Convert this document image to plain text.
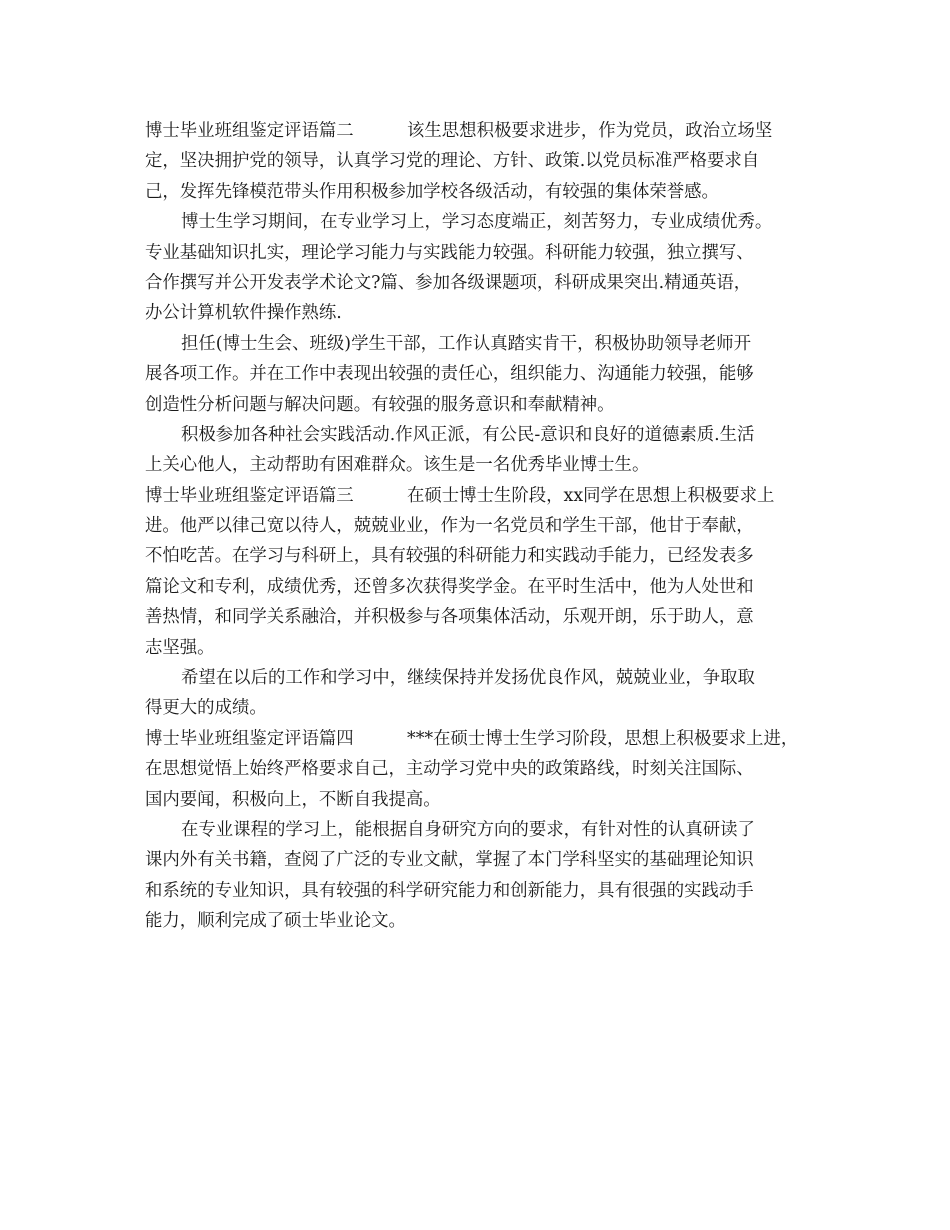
博士毕业班组鉴定评语篇二	该生思想积极要求进步，作为党员，政治立场坚
定，坚决拥护党的领导，认真学习党的理论、方针、政策.以党员标准严格要求自
己，发挥先锋模范带头作用积极参加学校各级活动，有较强的集体荣誉感。
博士生学习期间，在专业学习上，学习态度端正，刻苦努力，专业成绩优秀。
专业基础知识扎实，理论学习能力与实践能力较强。科研能力较强，独立撰写、
合作撰写并公开发表学术论文?篇、参加各级课题项，科研成果突出.精通英语，
办公计算机软件操作熟练.
担任(博士生会、班级)学生干部，工作认真踏实肯干，积极协助领导老师开
展各项工作。并在工作中表现出较强的责任心，组织能力、沟通能力较强，能够
创造性分析问题与解决问题。有较强的服务意识和奉献精神。
积极参加各种社会实践活动.作风正派，有公民-意识和良好的道德素质.生活
上关心他人，主动帮助有困难群众。该生是一名优秀毕业博士生。
博士毕业班组鉴定评语篇三	在硕士博士生阶段，xx同学在思想上积极要求上
进。他严以律己宽以待人，兢兢业业，作为一名党员和学生干部，他甘于奉献，
不怕吃苦。在学习与科研上，具有较强的科研能力和实践动手能力，已经发表多
篇论文和专利，成绩优秀，还曾多次获得奖学金。在平时生活中，他为人处世和
善热情，和同学关系融洽，并积极参与各项集体活动，乐观开朗，乐于助人，意
志坚强。
希望在以后的工作和学习中，继续保持并发扬优良作风，兢兢业业，争取取
得更大的成绩。
博士毕业班组鉴定评语篇四	***在硕士博士生学习阶段，思想上积极要求上进，
在思想觉悟上始终严格要求自己，主动学习党中央的政策路线，时刻关注国际、
国内要闻，积极向上，不断自我提高。
在专业课程的学习上，能根据自身研究方向的要求，有针对性的认真研读了
课内外有关书籍，查阅了广泛的专业文献，掌握了本门学科坚实的基础理论知识
和系统的专业知识，具有较强的科学研究能力和创新能力，具有很强的实践动手
能力，顺利完成了硕士毕业论文。
